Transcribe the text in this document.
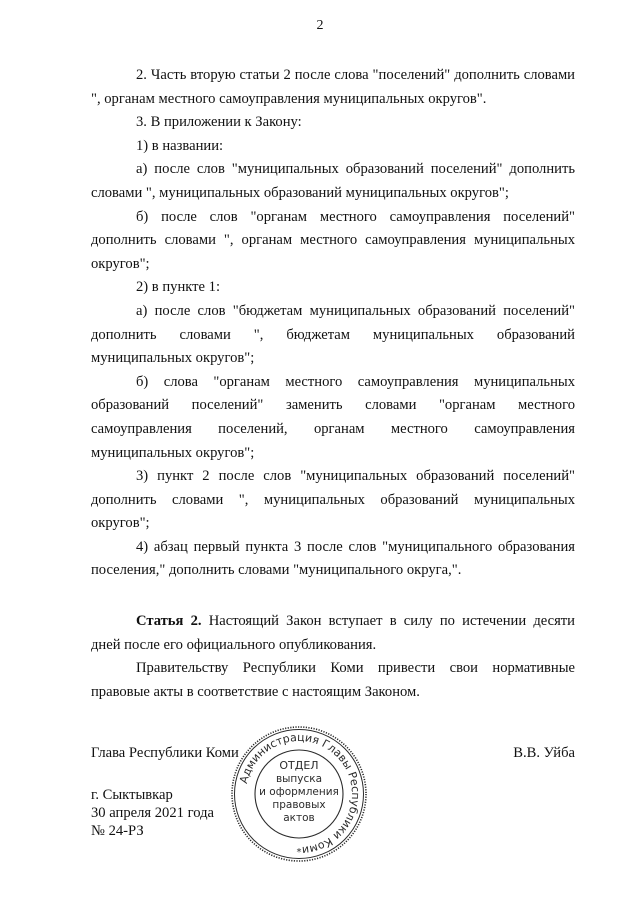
2

2. Часть вторую статьи 2 после слова "поселений" дополнить словами ", органам местного самоуправления муниципальных округов".

3. В приложении к Закону:

1) в названии:

а) после слов "муниципальных образований поселений" дополнить словами ", муниципальных образований муниципальных округов";

б) после слов "органам местного самоуправления поселений" дополнить словами ", органам местного самоуправления муниципальных округов";

2) в пункте 1:

а) после слов "бюджетам муниципальных образований поселений" дополнить словами ", бюджетам муниципальных образований муниципальных округов";

б) слова "органам местного самоуправления муниципальных образований поселений" заменить словами "органам местного самоуправления поселений, органам местного самоуправления муниципальных округов";

3) пункт 2 после слов "муниципальных образований поселений" дополнить словами ", муниципальных образований муниципальных округов";

4) абзац первый пункта 3 после слов "муниципального образования поселения," дополнить словами "муниципального округа,".

Статья 2. Настоящий Закон вступает в силу по истечении десяти дней после его официального опубликования.

Правительству Республики Коми привести свои нормативные правовые акты в соответствие с настоящим Законом.

Глава Республики Коми	В.В. Уйба
г. Сыктывкар
30 апреля 2021 года
№ 24-РЗ
Администрация Главы Республики Коми
ОТДЕЛ
выпуска
и оформления
правовых
актов
*
